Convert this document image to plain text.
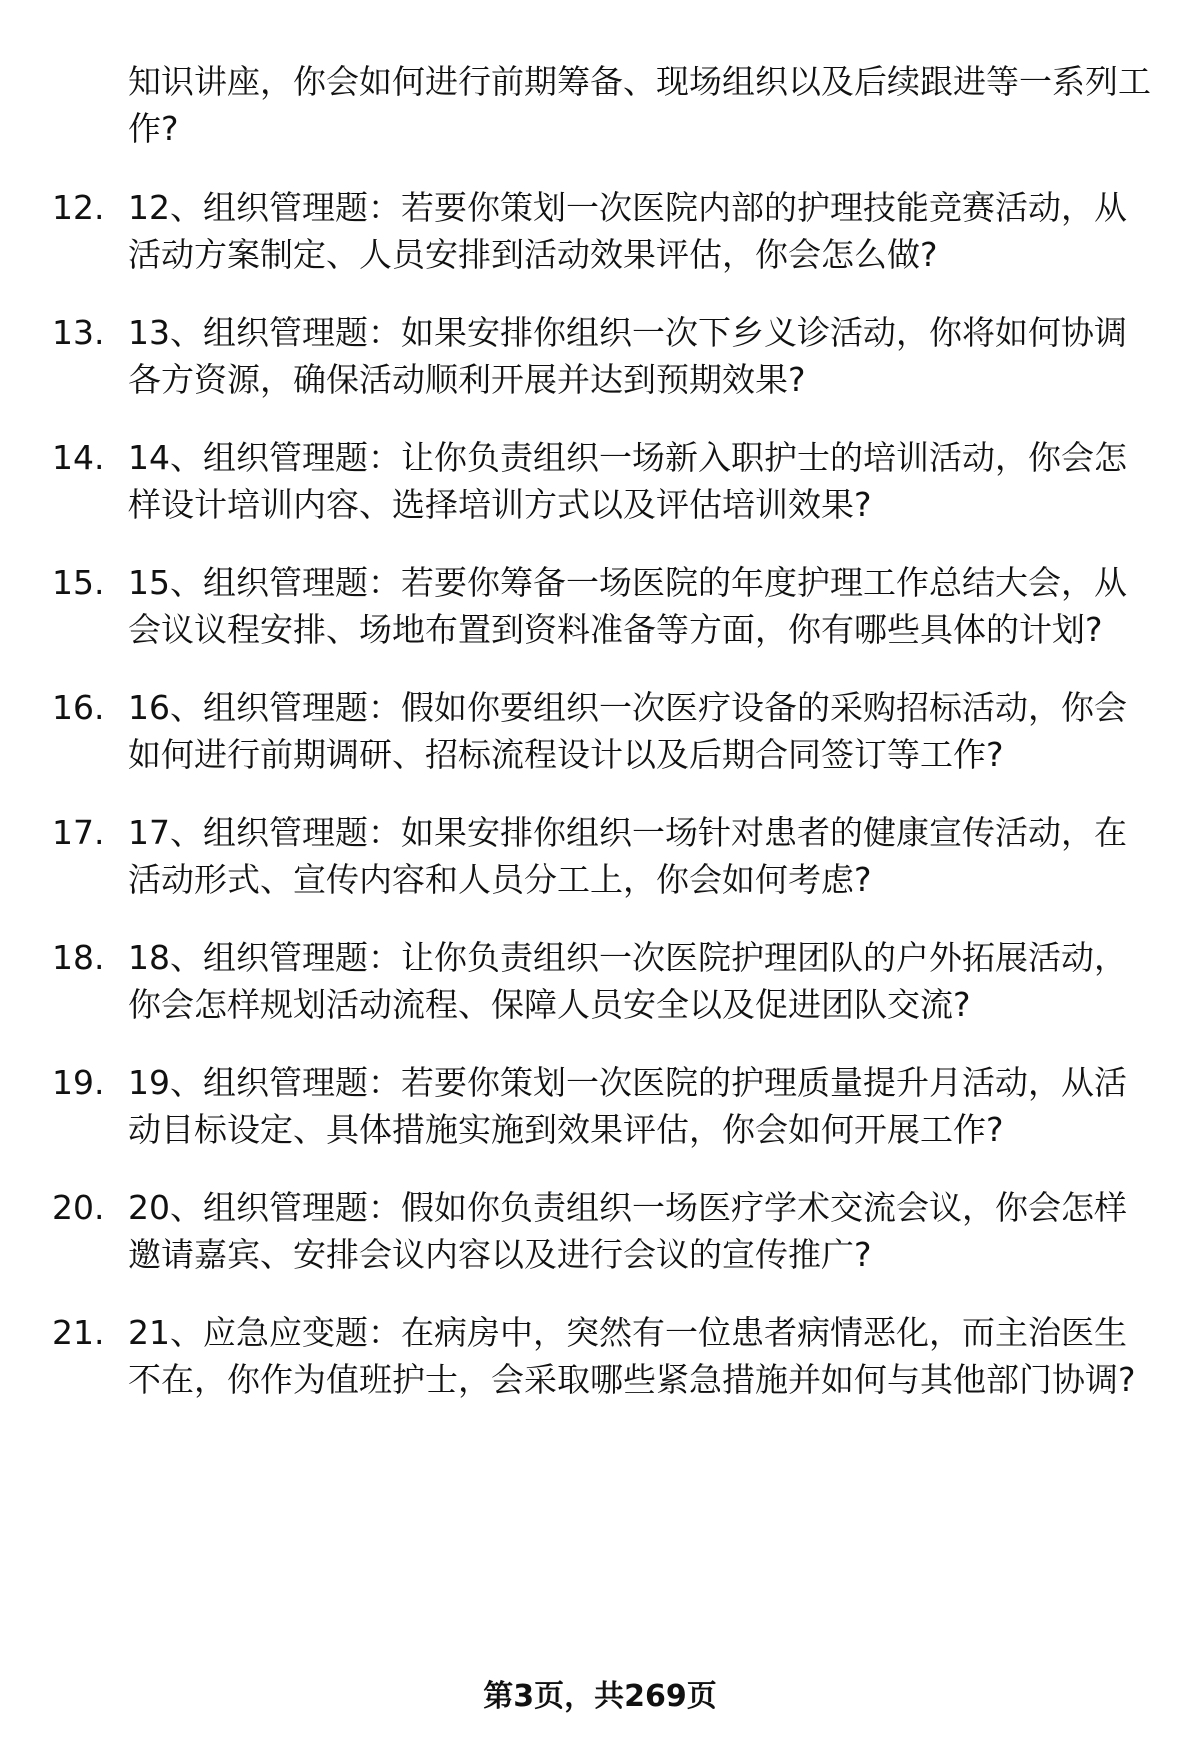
知识讲座，你会如何进行前期筹备、现场组织以及后续跟进等一系列工作?
12. 12、组织管理题：若要你策划一次医院内部的护理技能竞赛活动，从活动方案制定、人员安排到活动效果评估，你会怎么做?
13. 13、组织管理题：如果安排你组织一次下乡义诊活动，你将如何协调各方资源，确保活动顺利开展并达到预期效果?
14. 14、组织管理题：让你负责组织一场新入职护士的培训活动，你会怎样设计培训内容、选择培训方式以及评估培训效果?
15. 15、组织管理题：若要你筹备一场医院的年度护理工作总结大会，从会议议程安排、场地布置到资料准备等方面，你有哪些具体的计划?
16. 16、组织管理题：假如你要组织一次医疗设备的采购招标活动，你会如何进行前期调研、招标流程设计以及后期合同签订等工作?
17. 17、组织管理题：如果安排你组织一场针对患者的健康宣传活动，在活动形式、宣传内容和人员分工上，你会如何考虑?
18. 18、组织管理题：让你负责组织一次医院护理团队的户外拓展活动，你会怎样规划活动流程、保障人员安全以及促进团队交流?
19. 19、组织管理题：若要你策划一次医院的护理质量提升月活动，从活动目标设定、具体措施实施到效果评估，你会如何开展工作?
20. 20、组织管理题：假如你负责组织一场医疗学术交流会议，你会怎样邀请嘉宾、安排会议内容以及进行会议的宣传推广?
21. 21、应急应变题：在病房中，突然有一位患者病情恶化，而主治医生不在，你作为值班护士，会采取哪些紧急措施并如何与其他部门协调?
第3页，共269页
